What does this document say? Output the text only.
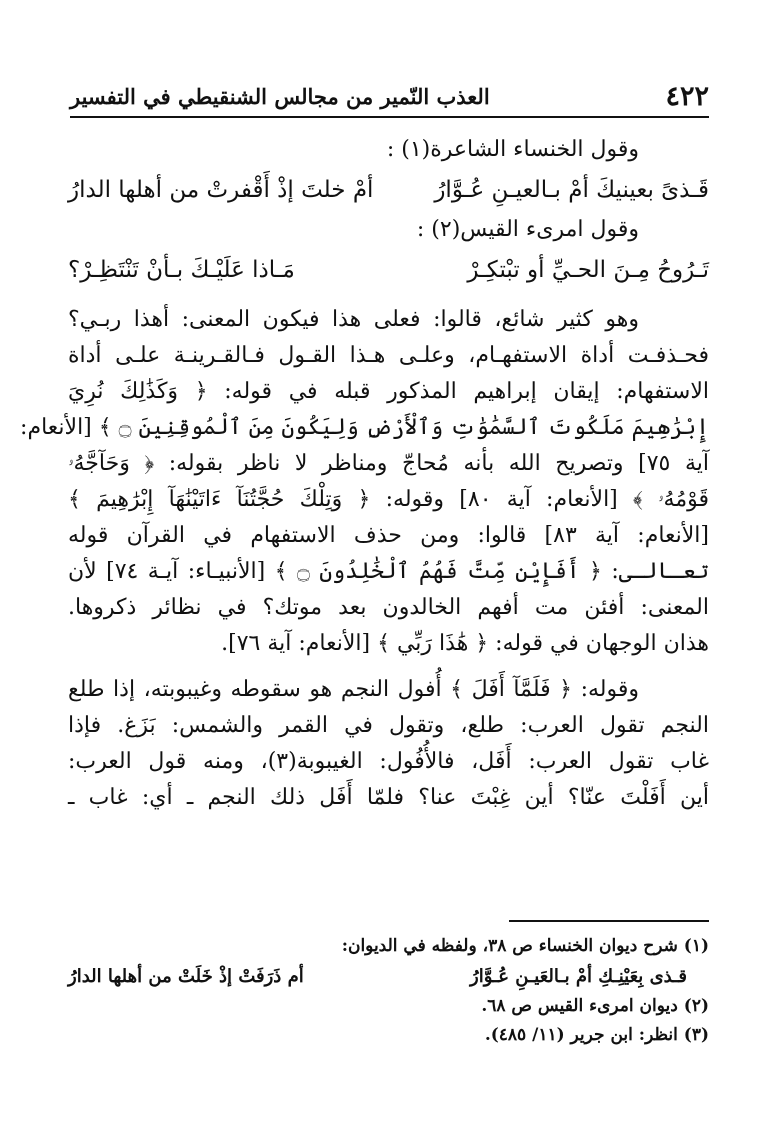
٤٢٢
العذب النّمير من مجالس الشنقيطي في التفسير
وقول الخنساء الشاعرة(١) :
قَـذىً بعينيكَ أمْ بـالعيـنِ عُـوَّارُ
أمْ خلتَ إذْ أَقْفرتْ من أهلها الدارُ
وقول امرىء القيس(٢) :
تَـرُوحُ مِـنَ الحـيِّ أو تبْتكِـرْ
مَـاذا عَلَيْـكَ بـأنْ تَنْتَظِـرْ؟
وهو كثير شائع، قالوا: فعلى هذا فيكون المعنى: أهذا ربـي؟
فحـذفـت أداة الاستفهـام، وعلـى هـذا القـول فـالقـرينـة علـى أداة
الاستفهام: إيقان إبراهيم المذكور قبله في قوله: ﴿ وَكَذَٰلِكَ نُرِيَ
إِبْرَٰهِيمَ مَلَكُوتَ ٱلسَّمَٰوَٰتِ وَٱلْأَرْضِ وَلِيَكُونَ مِنَ ٱلْمُوقِنِينَ ۝ ﴾ [الأنعام:
آية ٧٥] وتصريح الله بأنه مُحاجّ ومناظر لا ناظر بقوله: ﴿ وَحَآجَّهُۥ
قَوْمُهُۥ ﴾ [الأنعام: آية ٨٠] وقوله: ﴿ وَتِلْكَ حُجَّتُنَآ ءَاتَيْنَٰهَآ إِبْرَٰهِيمَ ﴾
[الأنعام: آية ٨٣] قالوا: ومن حذف الاستفهام في القرآن قوله
تعـالـى: ﴿ أَفَإِيْن مِّتَّ فَهُمُ ٱلْخَٰلِدُونَ ۝ ﴾ [الأنبيـاء: آيـة ٧٤] لأن
المعنى: أفئن مت أفهم الخالدون بعد موتك؟ في نظائر ذكروها.
هذان الوجهان في قوله: ﴿ هَٰذَا رَبِّي ﴾ [الأنعام: آية ٧٦].
وقوله: ﴿ فَلَمَّآ أَفَلَ ﴾ أُفول النجم هو سقوطه وغيبوبته، إذا طلع
النجم تقول العرب: طلع، وتقول في القمر والشمس: بَزَغ. فإذا
غاب تقول العرب: أَفَل، فالأُفُول: الغيبوبة(٣)، ومنه قول العرب:
أين أَفَلْتَ عنّا؟ أين غِبْتَ عنا؟ فلمّا أَفَل ذلك النجم ـ أي: غاب ـ
(١) شرح ديوان الخنساء ص ٣٨، ولفظه في الديوان:
قـذى بِعَيْنِـكِ أمْ بـالعَيـنِ عُـوَّارُ
أم ذَرَفَتْ إذْ خَلَتْ من أهلها الدارُ
(٢) ديوان امرىء القيس ص ٦٨.
(٣) انظر: ابن جرير (١١/ ٤٨٥).
